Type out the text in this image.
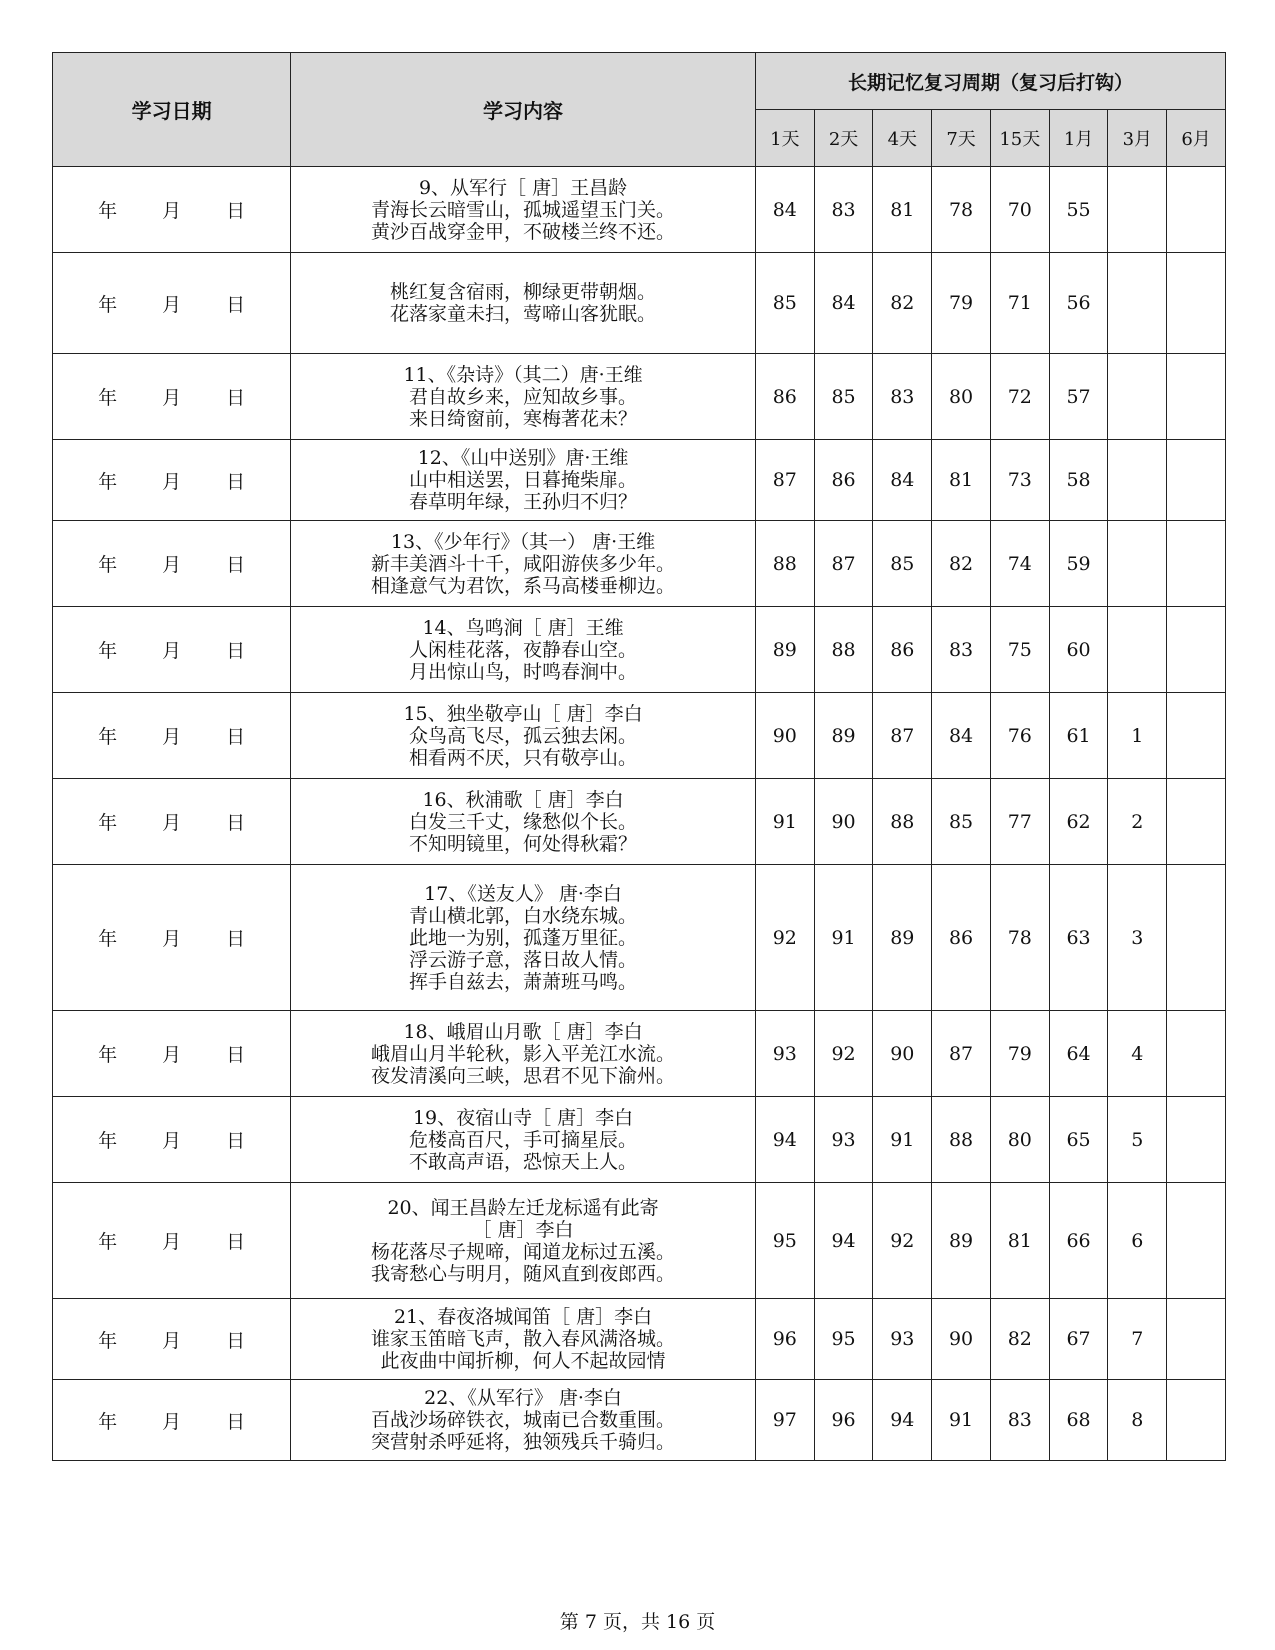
学习日期	学习内容	长期记忆复习周期（复习后打钩）							
		1天	2天	4天	7天	15天	1月	3月	6月
年 月 日	9、从军行［ 唐］王昌龄
青海长云暗雪山，孤城遥望玉门关。
黄沙百战穿金甲，不破楼兰终不还。	84	83	81	78	70	55		
年 月 日	桃红复含宿雨，柳绿更带朝烟。
花落家童未扫，莺啼山客犹眠。	85	84	82	79	71	56		
年 月 日	11、《杂诗》（其二）唐·王维
君自故乡来，应知故乡事。
来日绮窗前，寒梅著花未？	86	85	83	80	72	57		
年 月 日	12、《山中送别》唐·王维
山中相送罢，日暮掩柴扉。
春草明年绿，王孙归不归？	87	86	84	81	73	58		
年 月 日	13、《少年行》（其一） 唐·王维
新丰美酒斗十千，咸阳游侠多少年。
相逢意气为君饮，系马高楼垂柳边。	88	87	85	82	74	59		
年 月 日	14、鸟鸣涧［ 唐］王维
人闲桂花落，夜静春山空。
月出惊山鸟，时鸣春涧中。	89	88	86	83	75	60		
年 月 日	15、独坐敬亭山［ 唐］李白
众鸟高飞尽，孤云独去闲。
相看两不厌，只有敬亭山。	90	89	87	84	76	61	1	
年 月 日	16、秋浦歌［ 唐］李白
白发三千丈，缘愁似个长。
不知明镜里，何处得秋霜？	91	90	88	85	77	62	2	
年 月 日	17、《送友人》 唐·李白
青山横北郭，白水绕东城。
此地一为别，孤蓬万里征。
浮云游子意，落日故人情。
挥手自兹去，萧萧班马鸣。	92	91	89	86	78	63	3	
年 月 日	18、峨眉山月歌［ 唐］李白
峨眉山月半轮秋，影入平羌江水流。
夜发清溪向三峡，思君不见下渝州。	93	92	90	87	79	64	4	
年 月 日	19、夜宿山寺［ 唐］李白
危楼高百尺，手可摘星辰。
不敢高声语，恐惊天上人。	94	93	91	88	80	65	5	
年 月 日	20、闻王昌龄左迁龙标遥有此寄
［ 唐］李白
杨花落尽子规啼，闻道龙标过五溪。
我寄愁心与明月，随风直到夜郎西。	95	94	92	89	81	66	6	
年 月 日	21、春夜洛城闻笛［ 唐］李白
谁家玉笛暗飞声，散入春风满洛城。
此夜曲中闻折柳，何人不起故园情	96	95	93	90	82	67	7	
年 月 日	22、《从军行》 唐·李白
百战沙场碎铁衣，城南已合数重围。
突营射杀呼延将，独领残兵千骑归。	97	96	94	91	83	68	8	
第 7 页，共 16 页
